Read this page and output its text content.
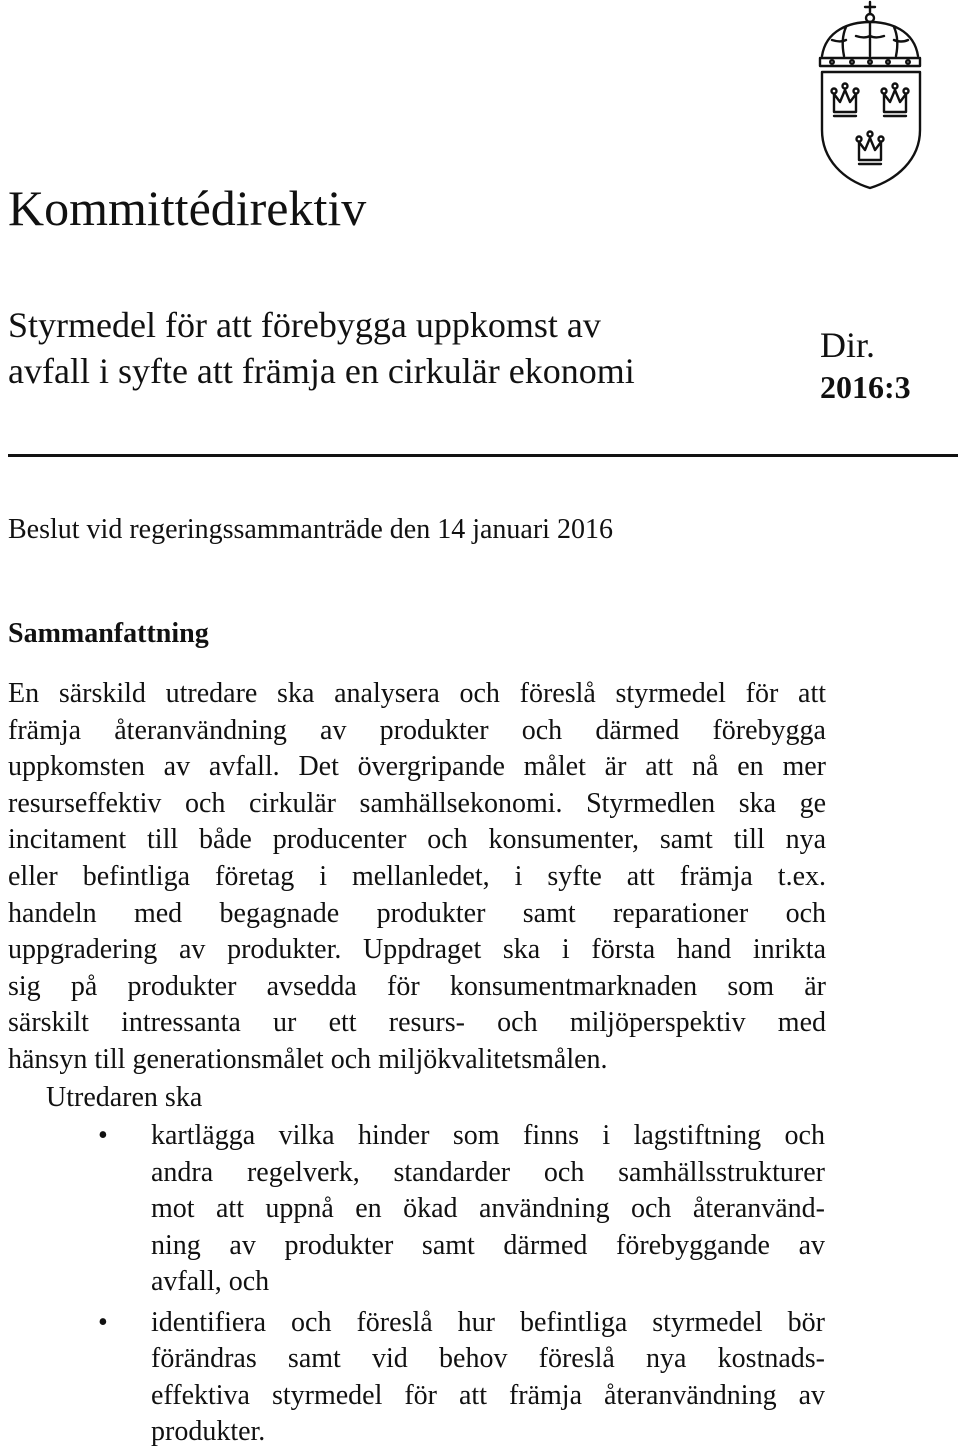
Kommittédirektiv
Styrmedel för att förebygga uppkomst av
avfall i syfte att främja en cirkulär ekonomi
Dir.
2016:3

Beslut vid regeringssammanträde den 14 januari 2016

Sammanfattning
En särskild utredare ska analysera och föreslå styrmedel för att
främja återanvändning av produkter och därmed förebygga
uppkomsten av avfall. Det övergripande målet är att nå en mer
resurseffektiv och cirkulär samhällsekonomi. Styrmedlen ska ge
incitament till både producenter och konsumenter, samt till nya
eller befintliga företag i mellanledet, i syfte att främja t.ex.
handeln med begagnade produkter samt reparationer och
uppgradering av produkter. Uppdraget ska i första hand inrikta
sig på produkter avsedda för konsumentmarknaden som är
särskilt intressanta ur ett resurs- och miljöperspektiv med
hänsyn till generationsmålet och miljökvalitetsmålen.
Utredaren ska
• kartlägga vilka hinder som finns i lagstiftning och
andra regelverk, standarder och samhällsstrukturer
mot att uppnå en ökad användning och återanvänd-
ning av produkter samt därmed förebyggande av
avfall, och
• identifiera och föreslå hur befintliga styrmedel bör
förändras samt vid behov föreslå nya kostnads-
effektiva styrmedel för att främja återanvändning av
produkter.
